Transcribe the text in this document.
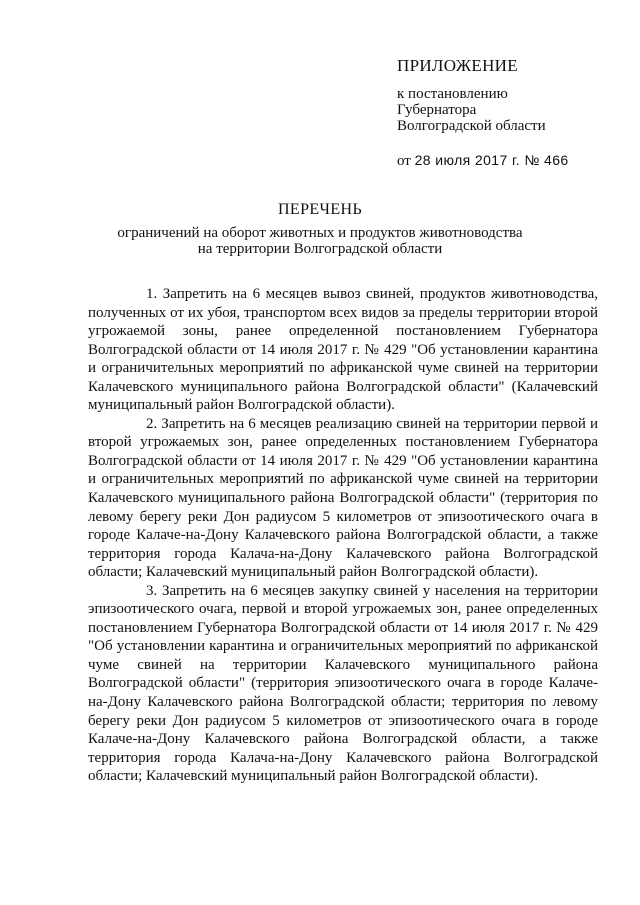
ПРИЛОЖЕНИЕ
к постановлению
Губернатора
Волгоградской области
от 28 июля 2017 г. № 466
ПЕРЕЧЕНЬ
ограничений на оборот животных и продуктов животноводства
на территории Волгоградской области

1. Запретить на 6 месяцев вывоз свиней, продуктов животноводства, полученных от их убоя, транспортом всех видов за пределы территории второй угрожаемой зоны, ранее определенной постановлением Губернатора Волгоградской области от 14 июля 2017 г. № 429 "Об установлении карантина и ограничительных мероприятий по африканской чуме свиней на территории Калачевского муниципального района Волгоградской области" (Калачевский муниципальный район Волгоградской области).

2. Запретить на 6 месяцев реализацию свиней на территории первой и второй угрожаемых зон, ранее определенных постановлением Губернатора Волгоградской области от 14 июля 2017 г. № 429 "Об установлении карантина и ограничительных мероприятий по африканской чуме свиней на территории Калачевского муниципального района Волгоградской области" (территория по левому берегу реки Дон радиусом 5 километров от эпизоотического очага в городе Калаче-на-Дону Калачевского района Волгоградской области, а также территория города Калача-на-Дону Калачевского района Волгоградской области; Калачевский муниципальный район Волгоградской области).

3. Запретить на 6 месяцев закупку свиней у населения на территории эпизоотического очага, первой и второй угрожаемых зон, ранее определенных постановлением Губернатора Волгоградской области от 14 июля 2017 г. № 429 "Об установлении карантина и ограничительных мероприятий по африканской чуме свиней на территории Калачевского муниципального района Волгоградской области" (территория эпизоотического очага в городе Калаче-на-Дону Калачевского района Волгоградской области; территория по левому берегу реки Дон радиусом 5 километров от эпизоотического очага в городе Калаче-на-Дону Калачевского района Волгоградской области, а также территория города Калача-на-Дону Калачевского района Волгоградской области; Калачевский муниципальный район Волгоградской области).
